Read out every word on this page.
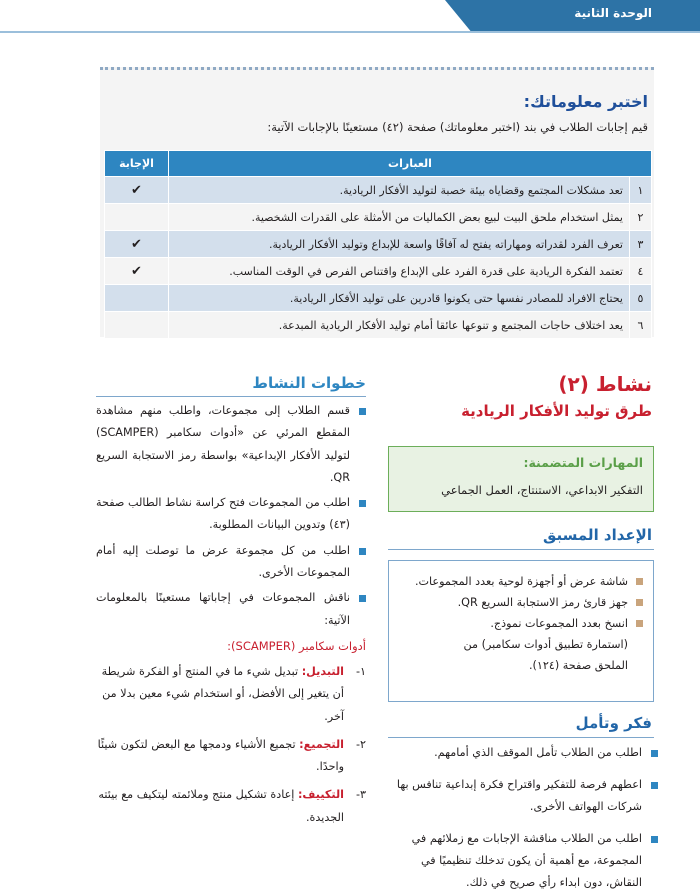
الوحدة الثانية
اختبر معلوماتك:
قيم إجابات الطلاب في بند (اختبر معلوماتك) صفحة (٤٢) مستعينًا بالإجابات الآتية:
العبارات		الإجابة
١	تعد مشكلات المجتمع وقضاياه بيئة خصبة لتوليد الأفكار الريادية.	✔
٢	يمثل استخدام ملحق البيت لبيع بعض الكماليات من الأمثلة على القدرات الشخصية.	
٣	تعرف الفرد لقدراته ومهاراته يفتح له آفاقًا واسعة للإبداع وتوليد الأفكار الريادية.	✔
٤	تعتمد الفكرة الريادية على قدرة الفرد على الإبداع واقتناص الفرص في الوقت المناسب.	✔
٥	يحتاج الافراد للمصادر نفسها حتى يكونوا قادرين على توليد الأفكار الريادية.	
٦	يعد اختلاف حاجات المجتمع و تنوعها عائقا أمام توليد الأفكار الريادية المبدعة.	
نشاط (٢)
طرق توليد الأفكار الريادية
المهارات المتضمنة:
التفكير الابداعي، الاستنتاج، العمل الجماعي
الإعداد المسبق
شاشة عرض أو أجهزة لوحية بعدد المجموعات.
جهز قارئ رمز الاستجابة السريع QR.
انسخ بعدد المجموعات نموذج.
(استمارة تطبيق أدوات سكامبر) من
الملحق صفحة (١٢٤).
فكر وتأمل
اطلب من الطلاب تأمل الموقف الذي أمامهم.
اعطهم فرصة للتفكير واقتراح فكرة إبداعية تنافس بها شركات الهواتف الأخرى.
اطلب من الطلاب مناقشة الإجابات مع زملائهم في المجموعة، مع أهمية أن يكون تدخلك تنظيميًا في النقاش، دون ابداء رأي صريح في ذلك.
خطوات النشاط
قسم الطلاب إلى مجموعات، واطلب منهم مشاهدة المقطع المرئي عن «أدوات سكامبر (SCAMPER) لتوليد الأفكار الإبداعية» بواسطة رمز الاستجابة السريع QR.
اطلب من المجموعات فتح كراسة نشاط الطالب صفحة (٤٣) وتدوين البيانات المطلوبة.
اطلب من كل مجموعة عرض ما توصلت إليه أمام المجموعات الأخرى.
ناقش المجموعات في إجاباتها مستعينًا بالمعلومات الآتية:
أدوات سكامبر (SCAMPER):
١-
التبديل: تبديل شيء ما في المنتج أو الفكرة شريطة أن يتغير إلى الأفضل، أو استخدام شيء معين بدلا من آخر.
٢-
التجميع: تجميع الأشياء ودمجها مع البعض لتكون شيئًا واحدًا.
٣-
التكييف: إعادة تشكيل منتج وملائمته ليتكيف مع بيئته الجديدة.
